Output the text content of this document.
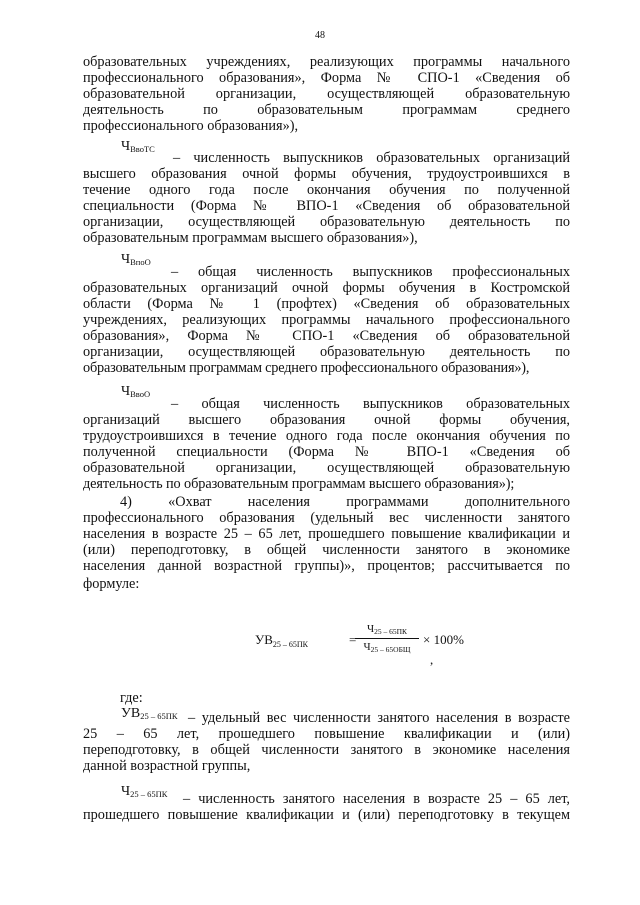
48
образовательных учреждениях, реализующих программы начального
профессионального образования», Форма № СПО-1 «Сведения об
образовательной организации, осуществляющей образовательную
деятельность по образовательным программам среднего
профессионального образования»),
ЧВвоТС
– численность выпускников образовательных организаций
высшего образования очной формы обучения, трудоустроившихся в
течение одного года после окончания обучения по полученной
специальности (Форма № ВПО-1 «Сведения об образовательной
организации, осуществляющей образовательную деятельность по
образовательным программам высшего образования»),
ЧВпоО
– общая численность выпускников профессиональных
образовательных организаций очной формы обучения в Костромской
области (Форма № 1 (профтех) «Сведения об образовательных
учреждениях, реализующих программы начального профессионального
образования», Форма № СПО-1 «Сведения об образовательной
организации, осуществляющей образовательную деятельность по
образовательным программам среднего профессионального образования»),
ЧВвоО
– общая численность выпускников образовательных
организаций высшего образования очной формы обучения,
трудоустроившихся в течение одного года после окончания обучения по
полученной специальности (Форма № ВПО-1 «Сведения об
образовательной организации, осуществляющей образовательную
деятельность по образовательным программам высшего образования»);
4) «Охват населения программами дополнительного
профессионального образования (удельный вес численности занятого
населения в возрасте 25 – 65 лет, прошедшего повышение квалификации и
(или) переподготовку, в общей численности занятого в экономике
населения данной возрастной группы)», процентов; рассчитывается по
формуле:
$УВ_{25 - 65ПК}$	=
Ч25 – 65ПК
Ч25 – 65ОБЩ
× 100%
,
где:
УВ25 – 65ПК – удельный вес численности занятого населения в возрасте
25 – 65 лет, прошедшего повышение квалификации и (или)
переподготовку, в общей численности занятого в экономике населения
данной возрастной группы,
Ч25 – 65ПК	– численность занятого населения в возрасте 25 – 65 лет,
прошедшего повышение квалификации и (или) переподготовку в текущем
